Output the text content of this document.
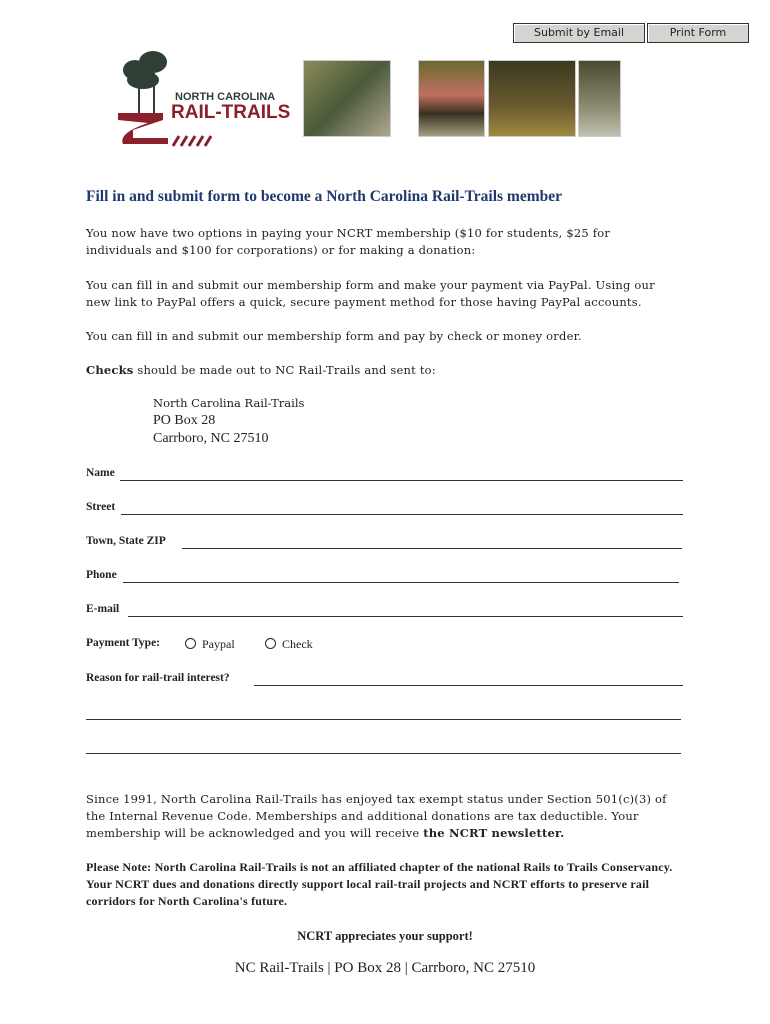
Submit by Email	Print Form
NORTH CAROLINA
RAIL-TRAILS
Fill in and submit form to become a North Carolina Rail-Trails member
You now have two options in paying your NCRT membership ($10 for students, $25 for individuals and $100 for corporations) or for making a donation:
You can fill in and submit our membership form and make your payment via PayPal. Using our new link to PayPal offers a quick, secure payment method for those having PayPal accounts.
You can fill in and submit our membership form and pay by check or money order.
Checks should be made out to NC Rail-Trails and sent to:
North Carolina Rail-Trails
PO Box 28
Carrboro, NC 27510
Name
Street
Town, State ZIP
Phone
E-mail
Payment Type:	Paypal	Check
Reason for rail-trail interest?
Since 1991, North Carolina Rail-Trails has enjoyed tax exempt status under Section 501(c)(3) of the Internal Revenue Code. Memberships and additional donations are tax deductible. Your membership will be acknowledged and you will receive the NCRT newsletter.
Please Note: North Carolina Rail-Trails is not an affiliated chapter of the national Rails to Trails Conservancy. Your NCRT dues and donations directly support local rail-trail projects and NCRT efforts to preserve rail corridors for North Carolina's future.
NCRT appreciates your support!
NC Rail-Trails | PO Box 28 | Carrboro, NC 27510
